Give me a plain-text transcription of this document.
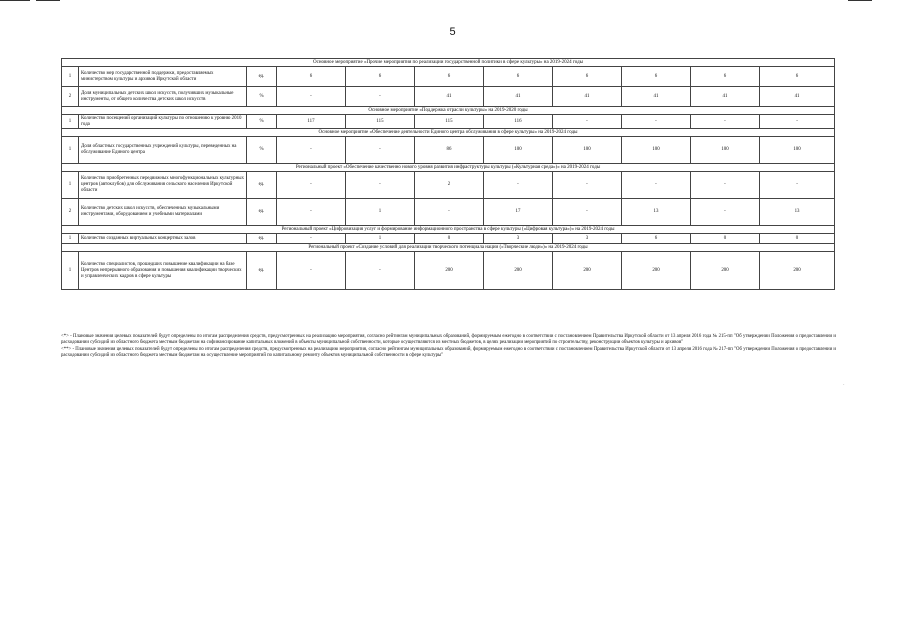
5
Основное мероприятие «Прочие мероприятия по реализации государственной политики в сфере культуры» на 2019-2024 годы										
1	Количество мер государственной поддержки, предоставляемых министерством культуры и архивов Иркутской области	ед.	6	6	6	6	6	6	6	6
2	Доля муниципальных детских школ искусств, получивших музыкальные инструменты, от общего количества детских школ искусств	%	-	-	41	41	41	41	41	41
Основное мероприятие «Поддержка отрасли культуры» на 2019-2020 годы										
1	Количество посещений организаций культуры по отношению к уровню 2010 года	%	117	115	115	116	-	-	-	-
Основное мероприятие «Обеспечение деятельности Единого центра обслуживания в сфере культуры» на 2019-2024 годы										
1	Доля областных государственных учреждений культуры, переведенных на обслуживание Единого центра	%	-	-	86	100	100	100	100	100
Региональный проект «Обеспечение качественно нового уровня развития инфраструктуры культуры («Культурная среда»)» на 2019-2024 годы										
1	Количество приобретенных передвижных многофункциональных культурных центров (автоклубов) для обслуживания сельского населения Иркутской области	ед.	-	-	2	-	-	-	-	-
2	Количество детских школ искусств, обеспеченных музыкальными инструментами, оборудованием и учебными материалами	ед.	-	1	-	17	-	13	-	13
Региональный проект «Цифровизация услуг и формирование информационного пространства в сфере культуры («Цифровая культура»)» на 2019-2024 годы										
1	Количество созданных виртуальных концертных залов	ед.	-	1	0	3	3	6	0	0
Региональный проект «Создание условий для реализации творческого потенциала нации («Творческие люди»)» на 2019-2024 годы										
1	Количество специалистов, прошедших повышение квалификации на базе Центров непрерывного образования и повышения квалификации творческих и управленческих кадров в сфере культуры	ед.	-	-	200	200	200	200	200	200

<*> - Плановые значения целевых показателей будут определены по итогам распределения средств, предусмотренных на реализацию мероприятия, согласно рейтингам муниципальных образований, формируемым ежегодно в соответствии с постановлением Правительства Иркутской области от 13 апреля 2016 года № 215-пп "Об утверждении Положения о предоставлении и расходовании субсидий из областного бюджета местным бюджетам на софинансирование капитальных вложений в объекты муниципальной собственности, которые осуществляются из местных бюджетов, в целях реализации мероприятий по строительству, реконструкции объектов культуры и архивов"

<**> - Плановые значения целевых показателей будут определены по итогам распределения средств, предусмотренных на реализацию мероприятия, согласно рейтингам муниципальных образований, формируемым ежегодно в соответствии с постановлением Правительства Иркутской области от 13 апреля 2016 года № 217-пп "Об утверждении Положения о предоставлении и расходовании субсидий из областного бюджета местным бюджетам на осуществление мероприятий по капитальному ремонту объектов муниципальной собственности в сфере культуры"

·
